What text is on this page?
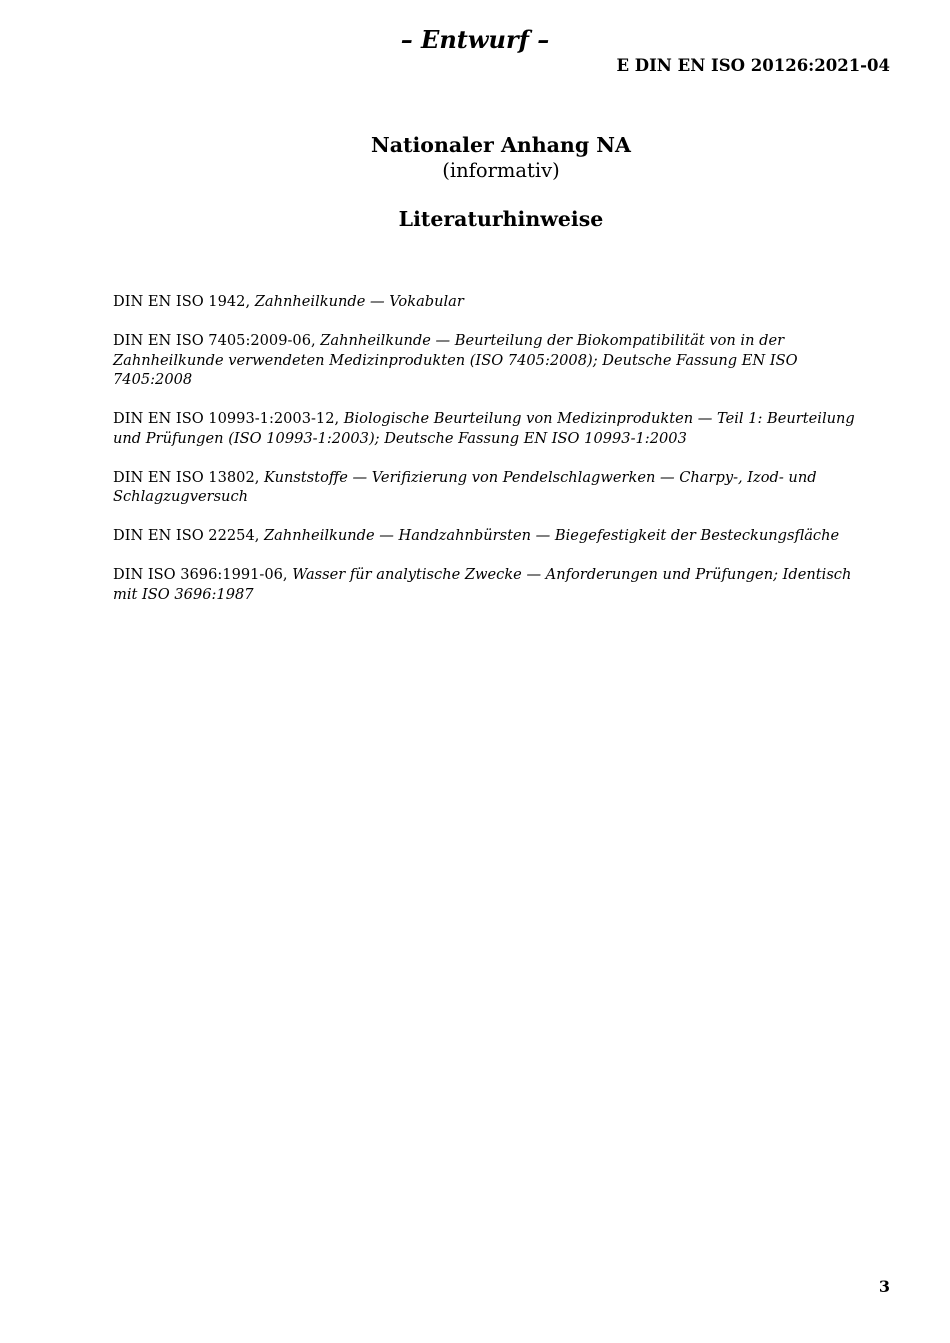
– Entwurf –
E DIN EN ISO 20126:2021-04
Nationaler Anhang NA
(informativ)
Literaturhinweise
DIN EN ISO 1942, Zahnheilkunde — Vokabular
DIN EN ISO 7405:2009-06, Zahnheilkunde — Beurteilung der Biokompatibilität von in der Zahnheilkunde verwendeten Medizinprodukten (ISO 7405:2008); Deutsche Fassung EN ISO 7405:2008
DIN EN ISO 10993-1:2003-12, Biologische Beurteilung von Medizinprodukten — Teil 1: Beurteilung und Prüfungen (ISO 10993-1:2003); Deutsche Fassung EN ISO 10993-1:2003
DIN EN ISO 13802, Kunststoffe — Verifizierung von Pendelschlagwerken — Charpy-, Izod- und Schlagzugversuch
DIN EN ISO 22254, Zahnheilkunde — Handzahnbürsten — Biegefestigkeit der Besteckungsfläche
DIN ISO 3696:1991-06, Wasser für analytische Zwecke — Anforderungen und Prüfungen; Identisch mit ISO 3696:1987
3
